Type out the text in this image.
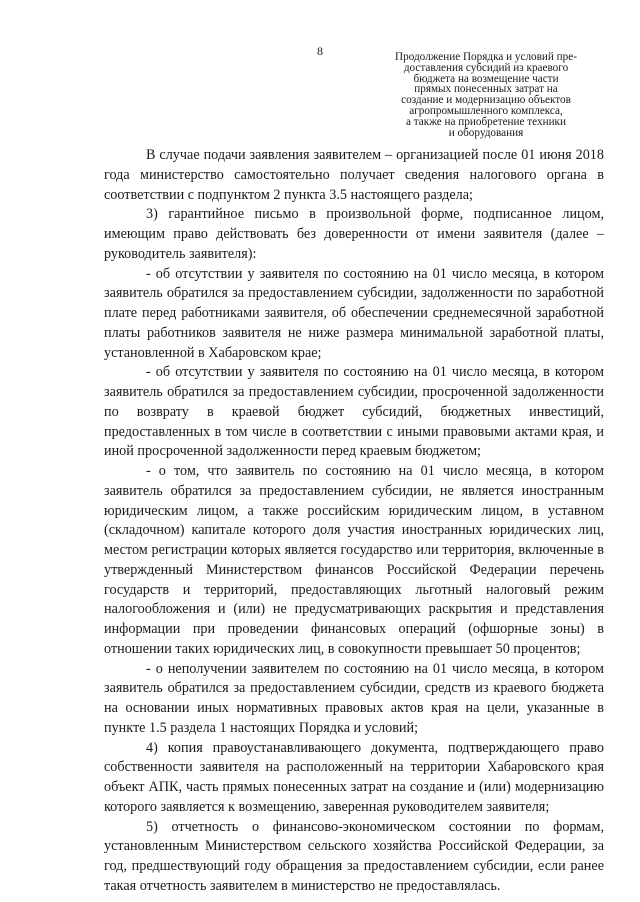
8	Продолжение Порядка и условий пре-
доставления субсидий из краевого
бюджета на возмещение части
прямых понесенных затрат на
создание и модернизацию объектов
агропромышленного комплекса,
а также на приобретение техники
и оборудования

В случае подачи заявления заявителем – организацией после 01 июня 2018 года министерство самостоятельно получает сведения налогового органа в соответствии с подпунктом 2 пункта 3.5 настоящего раздела;

3) гарантийное письмо в произвольной форме, подписанное лицом, имеющим право действовать без доверенности от имени заявителя (далее – руководитель заявителя):

- об отсутствии у заявителя по состоянию на 01 число месяца, в котором заявитель обратился за предоставлением субсидии, задолженности по заработной плате перед работниками заявителя, об обеспечении среднемесячной заработной платы работников заявителя не ниже размера минимальной заработной платы, установленной в Хабаровском крае;

- об отсутствии у заявителя по состоянию на 01 число месяца, в котором заявитель обратился за предоставлением субсидии, просроченной задолженности по возврату в краевой бюджет субсидий, бюджетных инвестиций, предоставленных в том числе в соответствии с иными правовыми актами края, и иной просроченной задолженности перед краевым бюджетом;

- о том, что заявитель по состоянию на 01 число месяца, в котором заявитель обратился за предоставлением субсидии, не является иностранным юридическим лицом, а также российским юридическим лицом, в уставном (складочном) капитале которого доля участия иностранных юридических лиц, местом регистрации которых является государство или территория, включенные в утвержденный Министерством финансов Российской Федерации перечень государств и территорий, предоставляющих льготный налоговый режим налогообложения и (или) не предусматривающих раскрытия и представления информации при проведении финансовых операций (офшорные зоны) в отношении таких юридических лиц, в совокупности превышает 50 процентов;

- о неполучении заявителем по состоянию на 01 число месяца, в котором заявитель обратился за предоставлением субсидии, средств из краевого бюджета на основании иных нормативных правовых актов края на цели, указанные в пункте 1.5 раздела 1 настоящих Порядка и условий;

4) копия правоустанавливающего документа, подтверждающего право собственности заявителя на расположенный на территории Хабаровского края объект АПК, часть прямых понесенных затрат на создание и (или) модернизацию которого заявляется к возмещению, заверенная руководителем заявителя;

5) отчетность о финансово-экономическом состоянии по формам, установленным Министерством сельского хозяйства Российской Федерации, за год, предшествующий году обращения за предоставлением субсидии, если ранее такая отчетность заявителем в министерство не предоставлялась.
